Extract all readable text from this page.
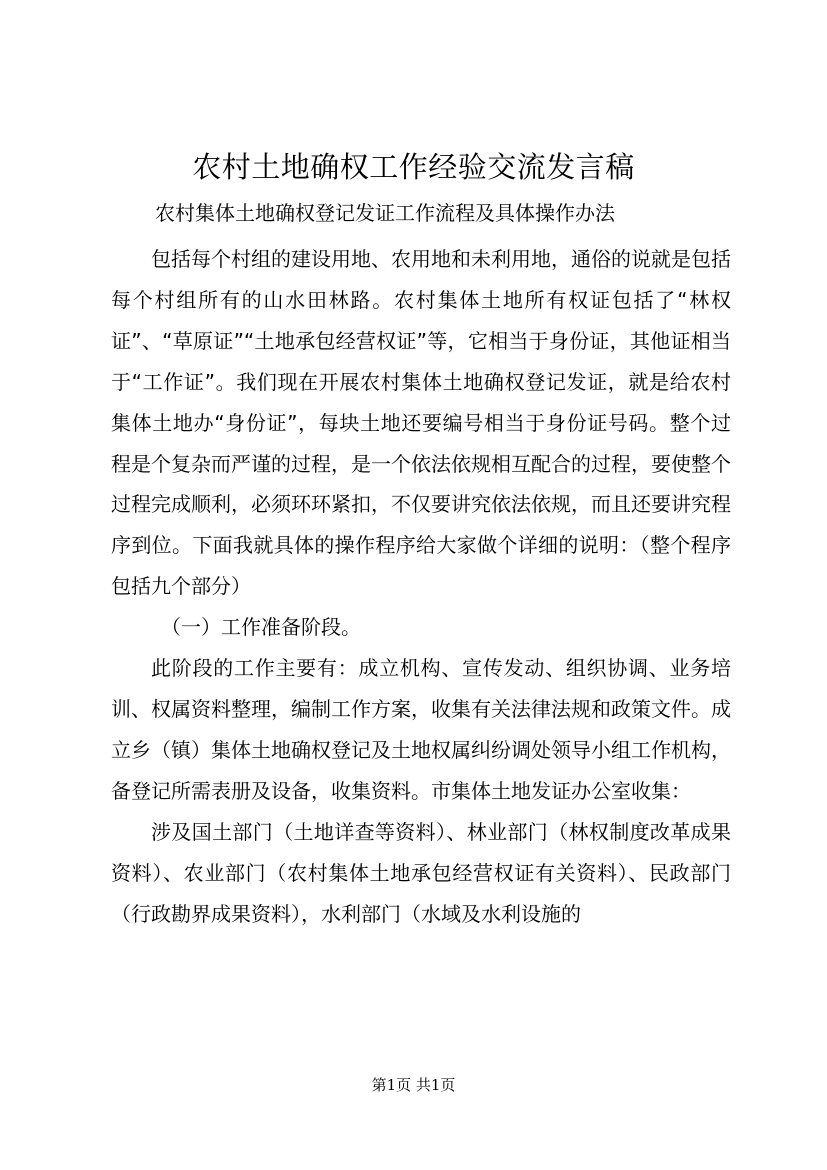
农村土地确权工作经验交流发言稿
农村集体土地确权登记发证工作流程及具体操作办法

包括每个村组的建设用地、农用地和未利用地，通俗的说就是包括每个村组所有的山水田林路。农村集体土地所有权证包括了“林权证”、“草原证”“土地承包经营权证”等，它相当于身份证，其他证相当于“工作证”。我们现在开展农村集体土地确权登记发证，就是给农村集体土地办“身份证”，每块土地还要编号相当于身份证号码。整个过程是个复杂而严谨的过程，是一个依法依规相互配合的过程，要使整个过程完成顺利，必须环环紧扣，不仅要讲究依法依规，而且还要讲究程序到位。下面我就具体的操作程序给大家做个详细的说明：（整个程序包括九个部分）

（一）工作准备阶段。

此阶段的工作主要有：成立机构、宣传发动、组织协调、业务培训、权属资料整理，编制工作方案，收集有关法律法规和政策文件。成立乡（镇）集体土地确权登记及土地权属纠纷调处领导小组工作机构，备登记所需表册及设备，收集资料。市集体土地发证办公室收集：

涉及国土部门（土地详查等资料）、林业部门（林权制度改革成果资料）、农业部门（农村集体土地承包经营权证有关资料）、民政部门（行政勘界成果资料），水利部门（水域及水利设施的

第1页 共1页
